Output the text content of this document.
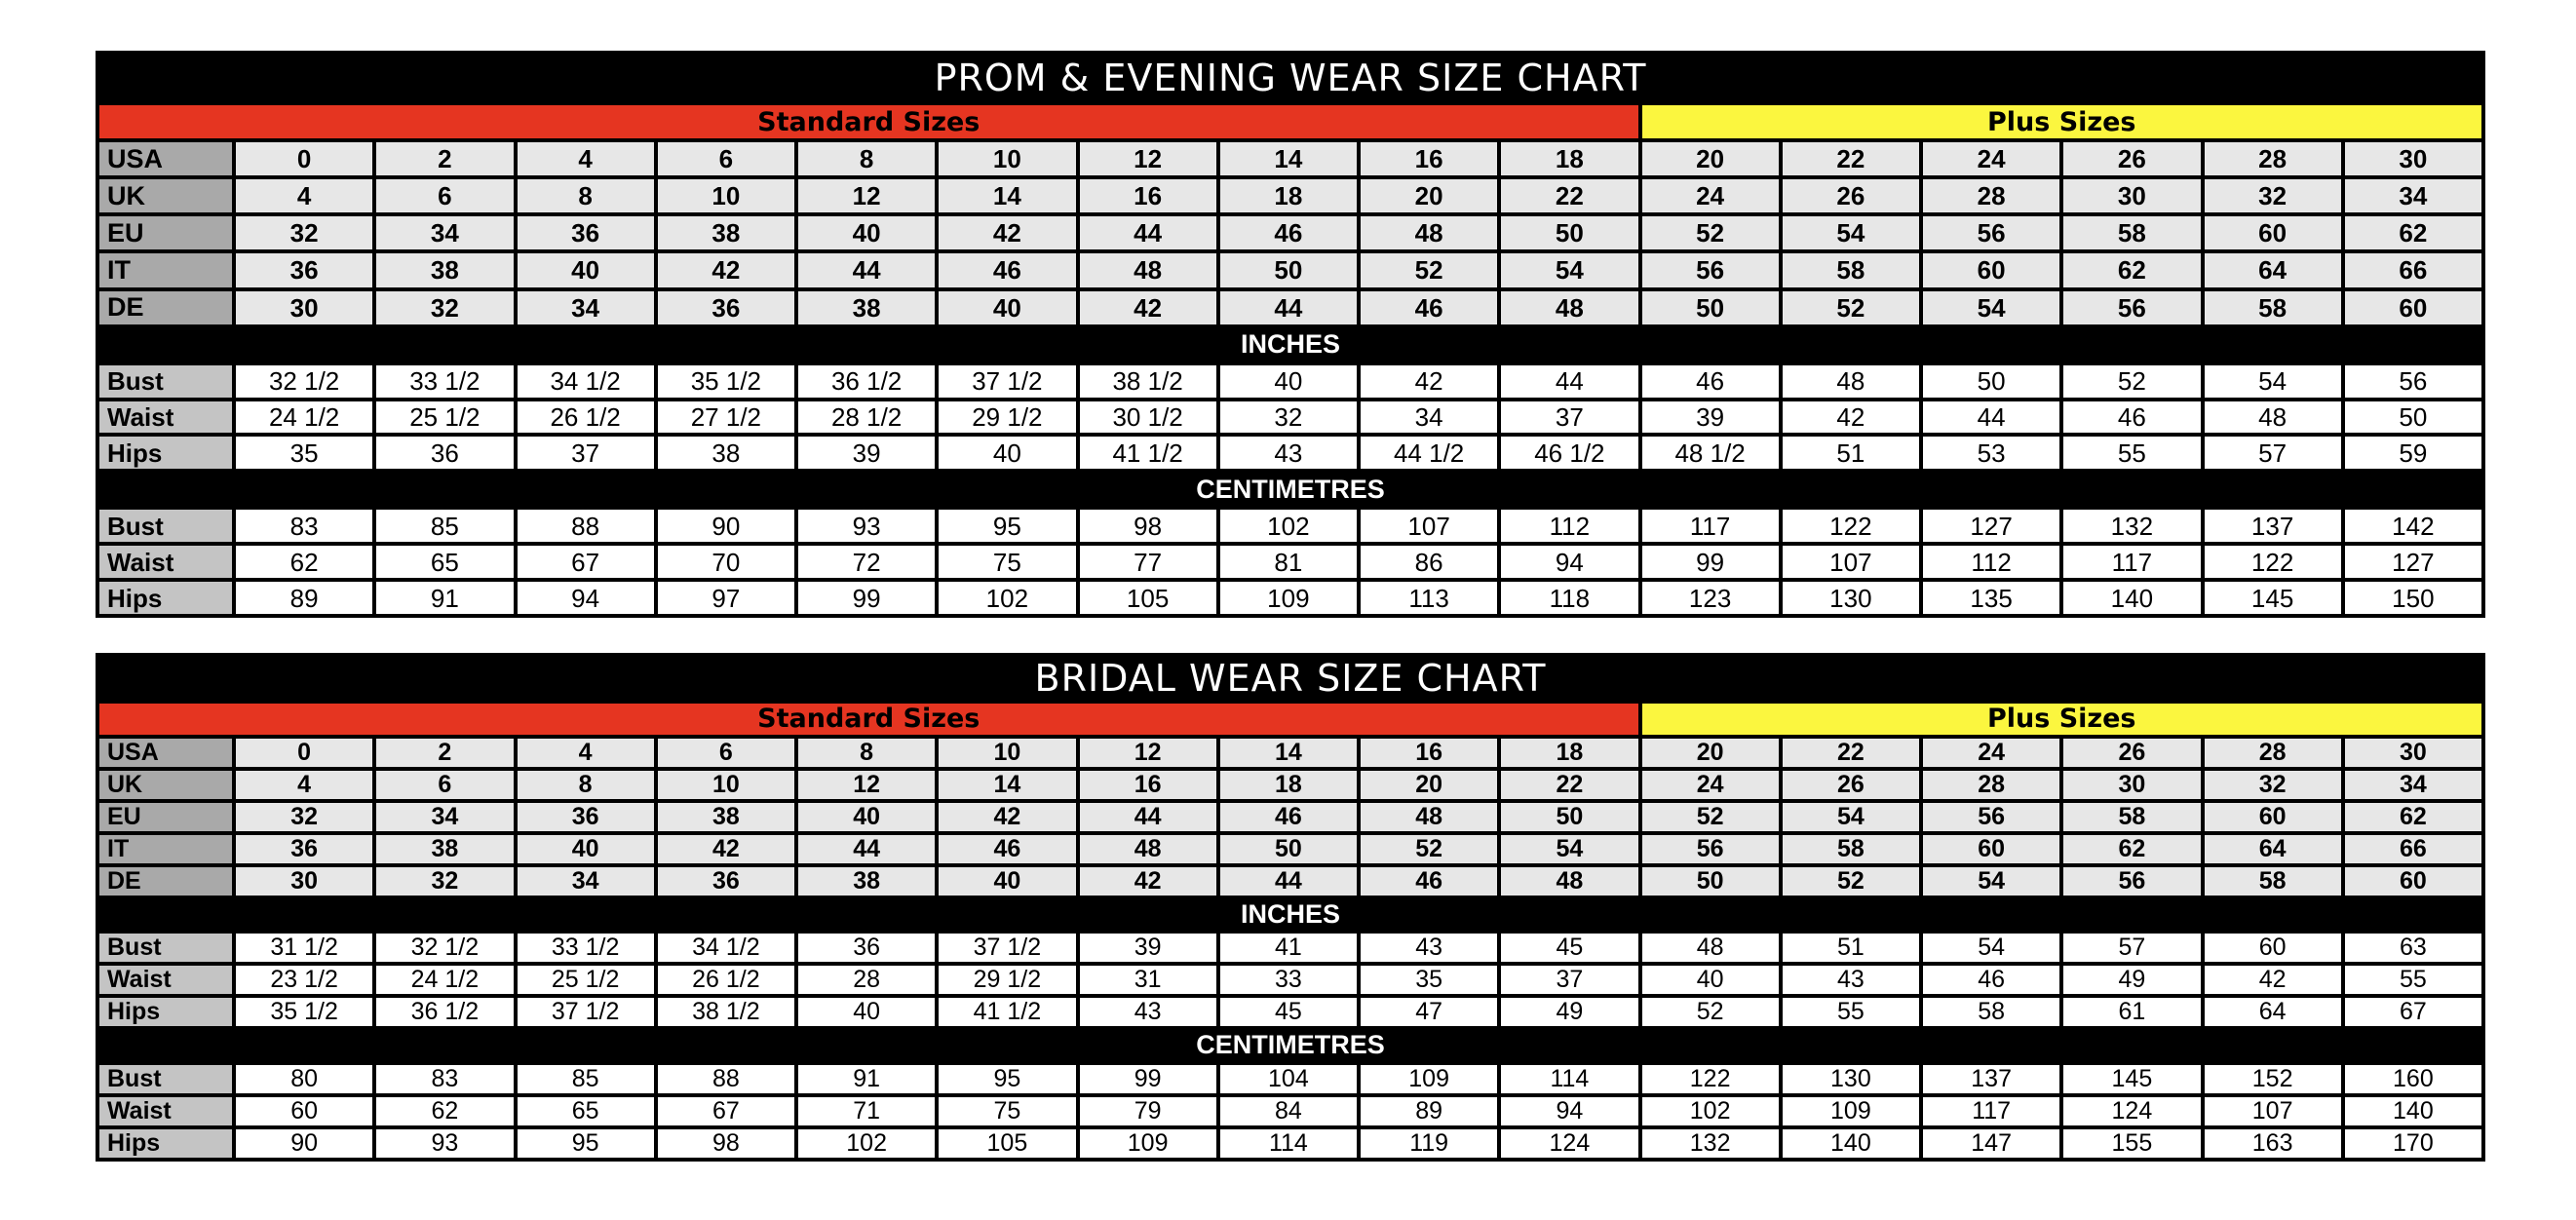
PROM & EVENING WEAR SIZE CHART																
Standard Sizes											Plus Sizes					
USA	0	2	4	6	8	10	12	14	16	18	20	22	24	26	28	30
UK	4	6	8	10	12	14	16	18	20	22	24	26	28	30	32	34
EU	32	34	36	38	40	42	44	46	48	50	52	54	56	58	60	62
IT	36	38	40	42	44	46	48	50	52	54	56	58	60	62	64	66
DE	30	32	34	36	38	40	42	44	46	48	50	52	54	56	58	60
INCHES																
Bust	32 1/2	33 1/2	34 1/2	35 1/2	36 1/2	37 1/2	38 1/2	40	42	44	46	48	50	52	54	56
Waist	24 1/2	25 1/2	26 1/2	27 1/2	28 1/2	29 1/2	30 1/2	32	34	37	39	42	44	46	48	50
Hips	35	36	37	38	39	40	41 1/2	43	44 1/2	46 1/2	48 1/2	51	53	55	57	59
CENTIMETRES																
Bust	83	85	88	90	93	95	98	102	107	112	117	122	127	132	137	142
Waist	62	65	67	70	72	75	77	81	86	94	99	107	112	117	122	127
Hips	89	91	94	97	99	102	105	109	113	118	123	130	135	140	145	150
BRIDAL WEAR SIZE CHART																
Standard Sizes											Plus Sizes					
USA	0	2	4	6	8	10	12	14	16	18	20	22	24	26	28	30
UK	4	6	8	10	12	14	16	18	20	22	24	26	28	30	32	34
EU	32	34	36	38	40	42	44	46	48	50	52	54	56	58	60	62
IT	36	38	40	42	44	46	48	50	52	54	56	58	60	62	64	66
DE	30	32	34	36	38	40	42	44	46	48	50	52	54	56	58	60
INCHES																
Bust	31 1/2	32 1/2	33 1/2	34 1/2	36	37 1/2	39	41	43	45	48	51	54	57	60	63
Waist	23 1/2	24 1/2	25 1/2	26 1/2	28	29 1/2	31	33	35	37	40	43	46	49	42	55
Hips	35 1/2	36 1/2	37 1/2	38 1/2	40	41 1/2	43	45	47	49	52	55	58	61	64	67
CENTIMETRES																
Bust	80	83	85	88	91	95	99	104	109	114	122	130	137	145	152	160
Waist	60	62	65	67	71	75	79	84	89	94	102	109	117	124	107	140
Hips	90	93	95	98	102	105	109	114	119	124	132	140	147	155	163	170
